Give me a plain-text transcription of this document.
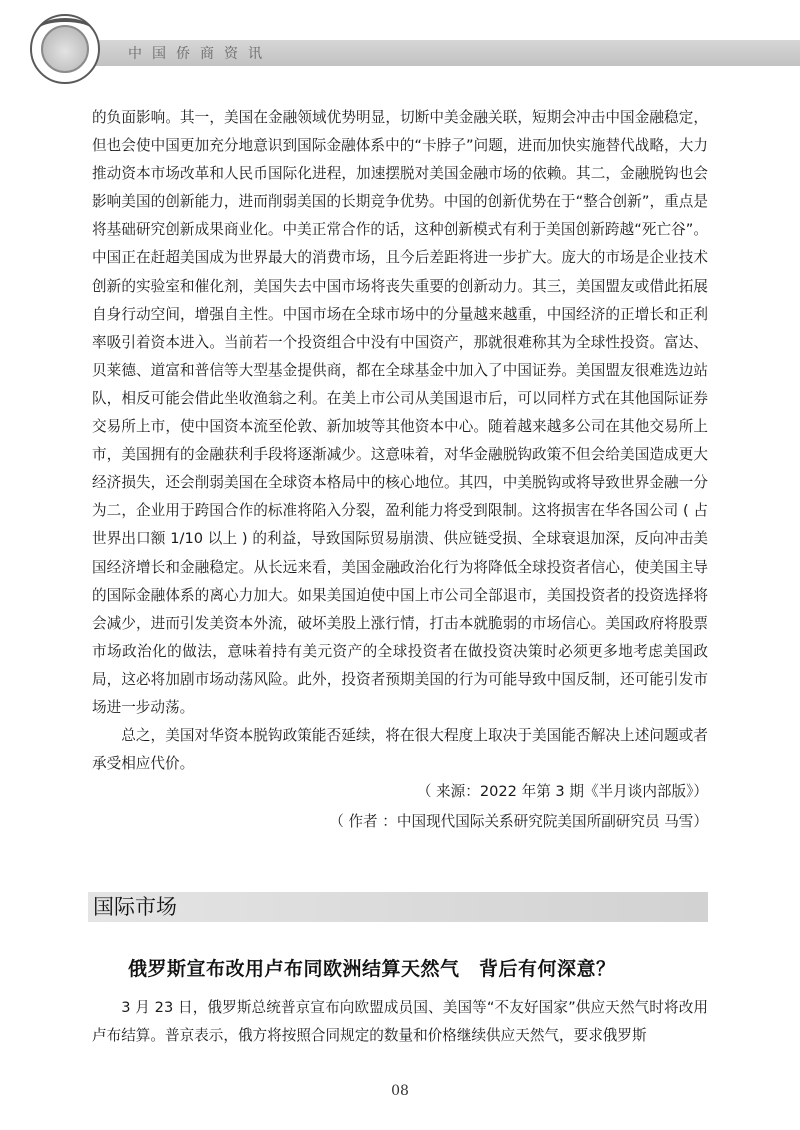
中国侨商资讯

的负面影响。其一，美国在金融领域优势明显，切断中美金融关联，短期会冲击中国金融稳定，但也会使中国更加充分地意识到国际金融体系中的“卡脖子”问题，进而加快实施替代战略，大力推动资本市场改革和人民币国际化进程，加速摆脱对美国金融市场的依赖。其二，金融脱钩也会影响美国的创新能力，进而削弱美国的长期竞争优势。中国的创新优势在于“整合创新”，重点是将基础研究创新成果商业化。中美正常合作的话，这种创新模式有利于美国创新跨越“死亡谷”。中国正在赶超美国成为世界最大的消费市场，且今后差距将进一步扩大。庞大的市场是企业技术创新的实验室和催化剂，美国失去中国市场将丧失重要的创新动力。其三，美国盟友或借此拓展自身行动空间，增强自主性。中国市场在全球市场中的分量越来越重，中国经济的正增长和正利率吸引着资本进入。当前若一个投资组合中没有中国资产，那就很难称其为全球性投资。富达、贝莱德、道富和普信等大型基金提供商，都在全球基金中加入了中国证券。美国盟友很难选边站队，相反可能会借此坐收渔翁之利。在美上市公司从美国退市后，可以同样方式在其他国际证券交易所上市，使中国资本流至伦敦、新加坡等其他资本中心。随着越来越多公司在其他交易所上市，美国拥有的金融获利手段将逐渐减少。这意味着，对华金融脱钩政策不但会给美国造成更大经济损失，还会削弱美国在全球资本格局中的核心地位。其四，中美脱钩或将导致世界金融一分为二，企业用于跨国合作的标准将陷入分裂，盈利能力将受到限制。这将损害在华各国公司 ( 占世界出口额 1/10 以上 ) 的利益，导致国际贸易崩溃、供应链受损、全球衰退加深，反向冲击美国经济增长和金融稳定。从长远来看，美国金融政治化行为将降低全球投资者信心，使美国主导的国际金融体系的离心力加大。如果美国迫使中国上市公司全部退市，美国投资者的投资选择将会减少，进而引发美资本外流，破坏美股上涨行情，打击本就脆弱的市场信心。美国政府将股票市场政治化的做法，意味着持有美元资产的全球投资者在做投资决策时必须更多地考虑美国政局，这必将加剧市场动荡风险。此外，投资者预期美国的行为可能导致中国反制，还可能引发市场进一步动荡。

总之，美国对华资本脱钩政策能否延续，将在很大程度上取决于美国能否解决上述问题或者承受相应代价。

（ 来源：2022 年第 3 期《半月谈内部版》）

（ 作者 ：中国现代国际关系研究院美国所副研究员 马雪）

国际市场
俄罗斯宣布改用卢布同欧洲结算天然气　背后有何深意？

3 月 23 日，俄罗斯总统普京宣布向欧盟成员国、美国等“不友好国家”供应天然气时将改用卢布结算。普京表示，俄方将按照合同规定的数量和价格继续供应天然气，要求俄罗斯

08
